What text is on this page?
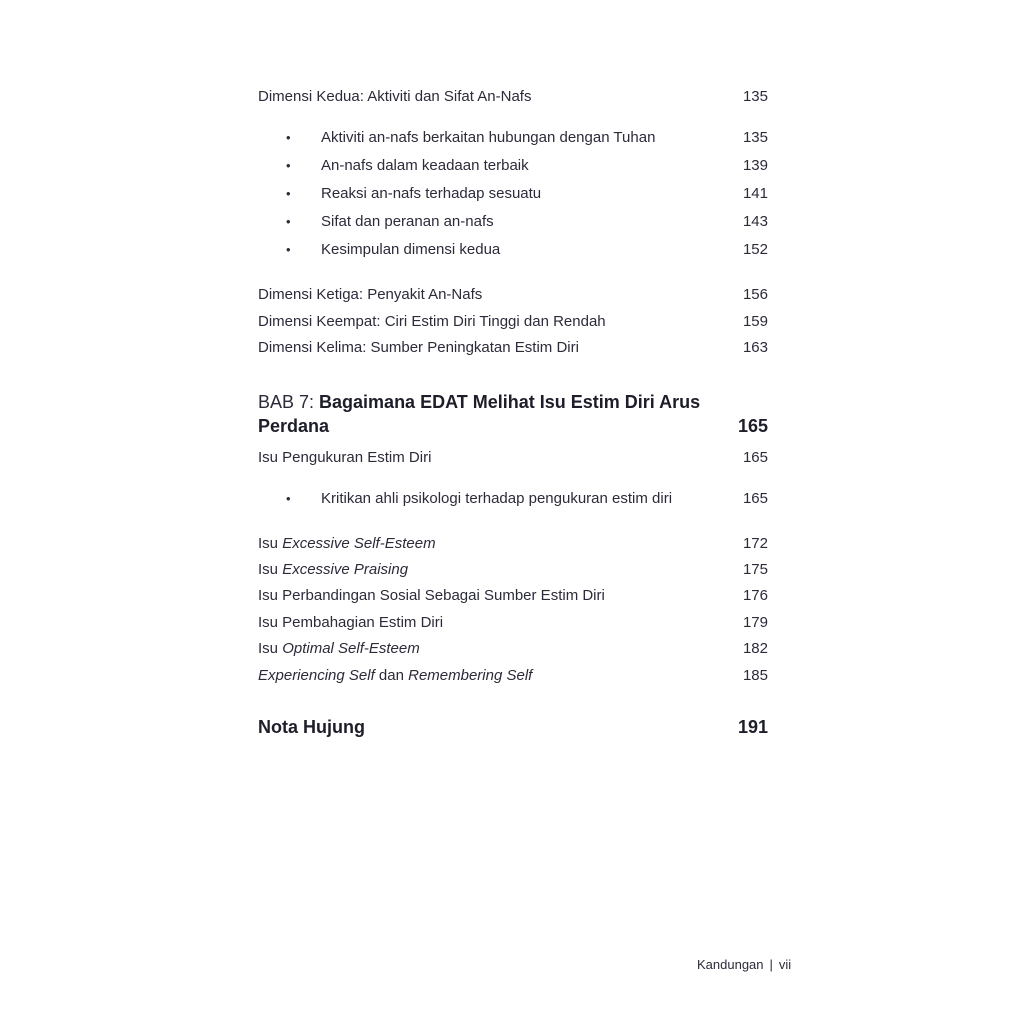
Dimensi Kedua: Aktiviti dan Sifat An-Nafs	135
•	Aktiviti an-nafs berkaitan hubungan dengan Tuhan	135
•	An-nafs dalam keadaan terbaik	139
•	Reaksi an-nafs terhadap sesuatu	141
•	Sifat dan peranan an-nafs	143
•	Kesimpulan dimensi kedua	152
Dimensi Ketiga: Penyakit An-Nafs	156
Dimensi Keempat: Ciri Estim Diri Tinggi dan Rendah	159
Dimensi Kelima: Sumber Peningkatan Estim Diri	163
BAB 7: Bagaimana EDAT Melihat Isu Estim Diri Arus
Perdana	165
Isu Pengukuran Estim Diri	165
•	Kritikan ahli psikologi terhadap pengukuran estim diri	165
Isu Excessive Self-Esteem	172
Isu Excessive Praising	175
Isu Perbandingan Sosial Sebagai Sumber Estim Diri	176
Isu Pembahagian Estim Diri	179
Isu Optimal Self-Esteem	182
Experiencing Self dan Remembering Self	185
Nota Hujung	191
Kandungan | vii
